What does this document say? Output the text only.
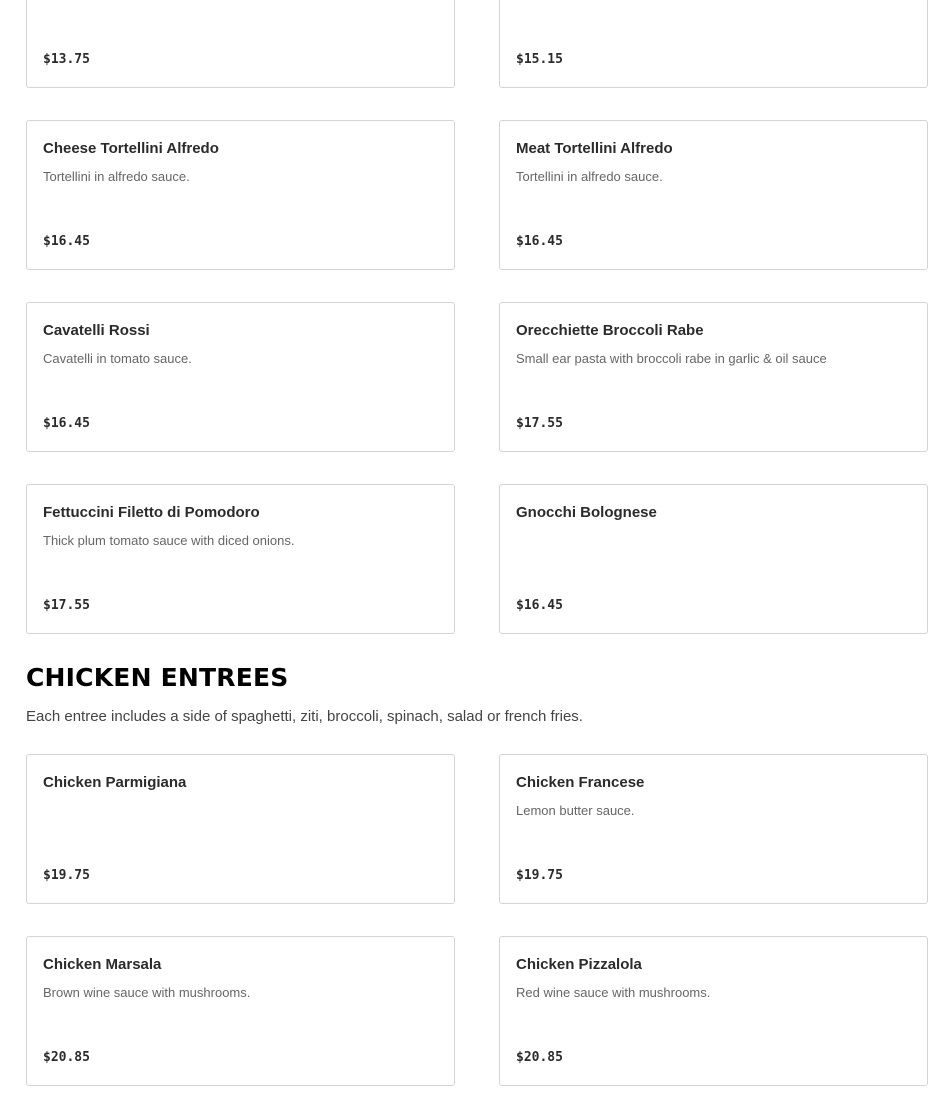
$13.75	$15.15
Cheese Tortellini Alfredo
Tortellini in alfredo sauce.
$16.45
Meat Tortellini Alfredo
Tortellini in alfredo sauce.
$16.45
Cavatelli Rossi
Cavatelli in tomato sauce.
$16.45
Orecchiette Broccoli Rabe
Small ear pasta with broccoli rabe in garlic & oil sauce
$17.55
Fettuccini Filetto di Pomodoro
Thick plum tomato sauce with diced onions.
$17.55
Gnocchi Bolognese
$16.45
CHICKEN ENTREES

Each entree includes a side of spaghetti, ziti, broccoli, spinach, salad or french fries.

Chicken Parmigiana
$19.75
Chicken Francese
Lemon butter sauce.
$19.75
Chicken Marsala
Brown wine sauce with mushrooms.
$20.85
Chicken Pizzalola
Red wine sauce with mushrooms.
$20.85
